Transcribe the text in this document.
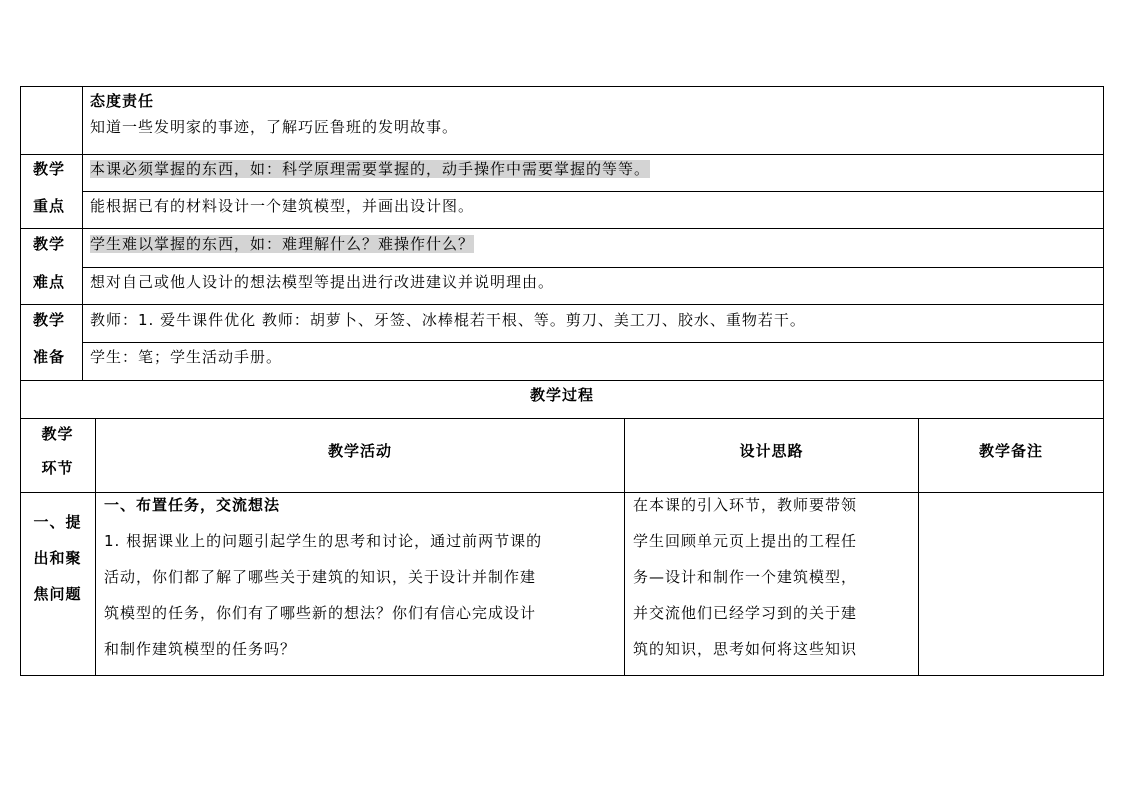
态度责任
知道一些发明家的事迹，了解巧匠鲁班的发明故事。
教学
重点
本课必须掌握的东西，如：科学原理需要掌握的，动手操作中需要掌握的等等。
能根据已有的材料设计一个建筑模型，并画出设计图。
教学
难点
学生难以掌握的东西，如：难理解什么？难操作什么？
想对自己或他人设计的想法模型等提出进行改进建议并说明理由。
教学
准备
教师：1. 爱牛课件优化 教师：胡萝卜、牙签、冰棒棍若干根、等。剪刀、美工刀、胶水、重物若干。
学生：笔；学生活动手册。
教学过程
教学
环节
教学活动	设计思路	教学备注
一、提
出和聚
焦问题
一、布置任务，交流想法
1. 根据课业上的问题引起学生的思考和讨论，通过前两节课的
活动，你们都了解了哪些关于建筑的知识，关于设计并制作建
筑模型的任务，你们有了哪些新的想法？你们有信心完成设计
和制作建筑模型的任务吗？
在本课的引入环节，教师要带领
学生回顾单元页上提出的工程任
务—设计和制作一个建筑模型，
并交流他们已经学习到的关于建
筑的知识，思考如何将这些知识
